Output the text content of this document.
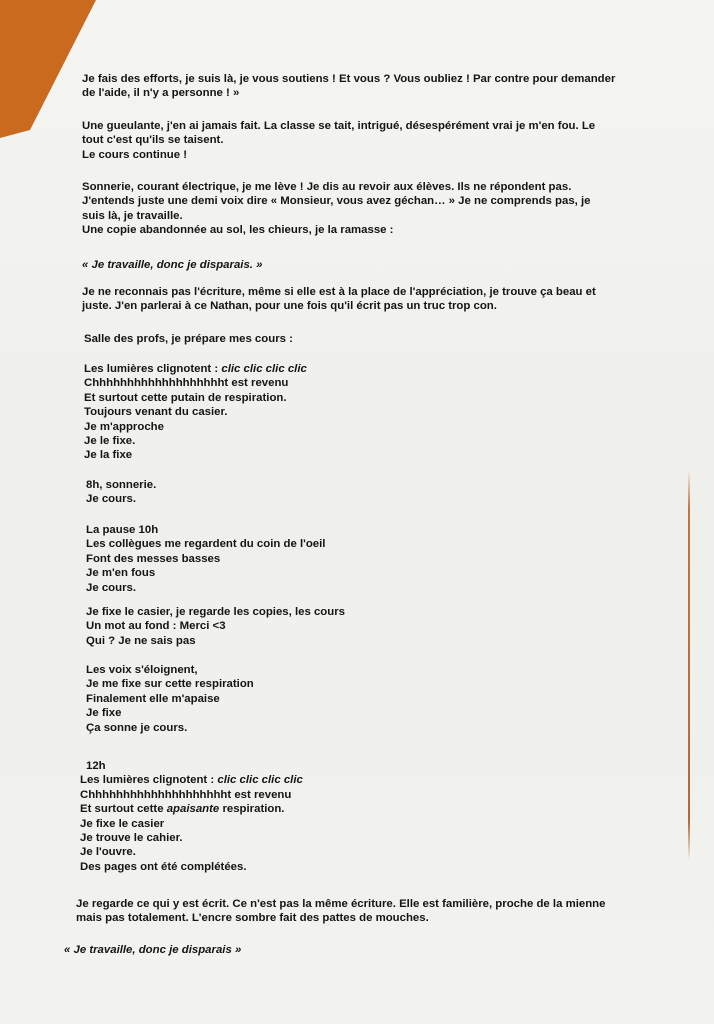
Je fais des efforts, je suis là, je vous soutiens ! Et vous ? Vous oubliez ! Par contre pour demander
de l'aide, il n'y a personne ! »
Une gueulante, j'en ai jamais fait. La classe se tait, intrigué, désespérément vrai je m'en fou. Le
tout c'est qu'ils se taisent.
Le cours continue !
Sonnerie, courant électrique, je me lève ! Je dis au revoir aux élèves. Ils ne répondent pas.
J'entends juste une demi voix dire « Monsieur, vous avez géchan… » Je ne comprends pas, je
suis là, je travaille.
Une copie abandonnée au sol, les chieurs, je la ramasse :
« Je travaille, donc je disparais. »
Je ne reconnais pas l'écriture, même si elle est à la place de l'appréciation, je trouve ça beau et
juste. J'en parlerai à ce Nathan, pour une fois qu'il écrit pas un truc trop con.
Salle des profs, je prépare mes cours :
Les lumières clignotent : clic clic clic clic
Chhhhhhhhhhhhhhhhhhht est revenu
Et surtout cette putain de respiration.
Toujours venant du casier.
Je m'approche
Je le fixe.
Je la fixe
8h, sonnerie.
Je cours.
La pause 10h
Les collègues me regardent du coin de l'oeil
Font des messes basses
Je m'en fous
Je cours.
Je fixe le casier, je regarde les copies, les cours
Un mot au fond : Merci <3
Qui ? Je ne sais pas
Les voix s'éloignent,
Je me fixe sur cette respiration
Finalement elle m'apaise
Je fixe
Ça sonne je cours.
12h
Les lumières clignotent : clic clic clic clic
Chhhhhhhhhhhhhhhhhhhht est revenu
Et surtout cette apaisante respiration.
Je fixe le casier
Je trouve le cahier.
Je l'ouvre.
Des pages ont été complétées.
Je regarde ce qui y est écrit. Ce n'est pas la même écriture. Elle est familière, proche de la mienne
mais pas totalement. L'encre sombre fait des pattes de mouches.
« Je travaille, donc je disparais »
